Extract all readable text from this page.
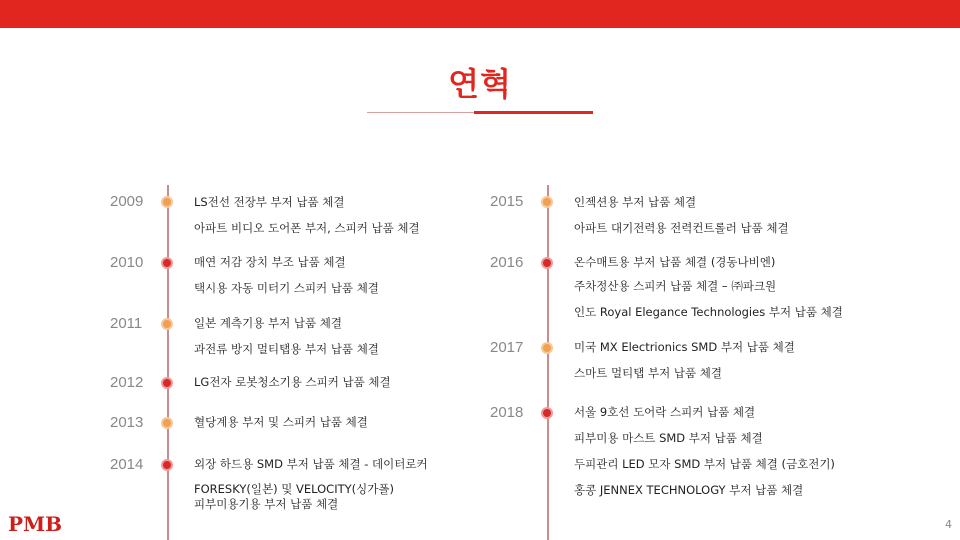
연혁
2009	LS전선 전장부 부저 납품 체결
아파트 비디오 도어폰 부저, 스피커 납품 체결
2010	매연 저감 장치 부조 납품 체결
택시용 자동 미터기 스피커 납품 체결
2011	일본 계측기용 부저 납품 체결
과전류 방지 멀티탭용 부저 납품 체결
2012	LG전자 로봇청소기용 스피커 납품 체결
2013	혈당계용 부저 및 스피커 납품 체결
2014	외장 하드용 SMD 부저 납품 체결 - 데이터로커
FORESKY(일본) 및 VELOCITY(싱가폴)
피부미용기용 부저 납품 체결
2015	인젝션용 부저 납품 체결
아파트 대기전력용 전력컨트롤러 납품 체결
2016	온수매트용 부저 납품 체결 (경동나비엔)
주차정산용 스피커 납품 체결 – ㈜파크원
인도 Royal Elegance Technologies 부저 납품 체결
2017	미국 MX Electrionics SMD 부저 납품 체결
스마트 멀티탭 부저 납품 체결
2018	서울 9호선 도어락 스피커 납품 체결
피부미용 마스트 SMD 부저 납품 체결
두피관리 LED 모자 SMD 부저 납품 체결 (금호전기)
홍콩 JENNEX TECHNOLOGY 부저 납품 체결
PMB	4
